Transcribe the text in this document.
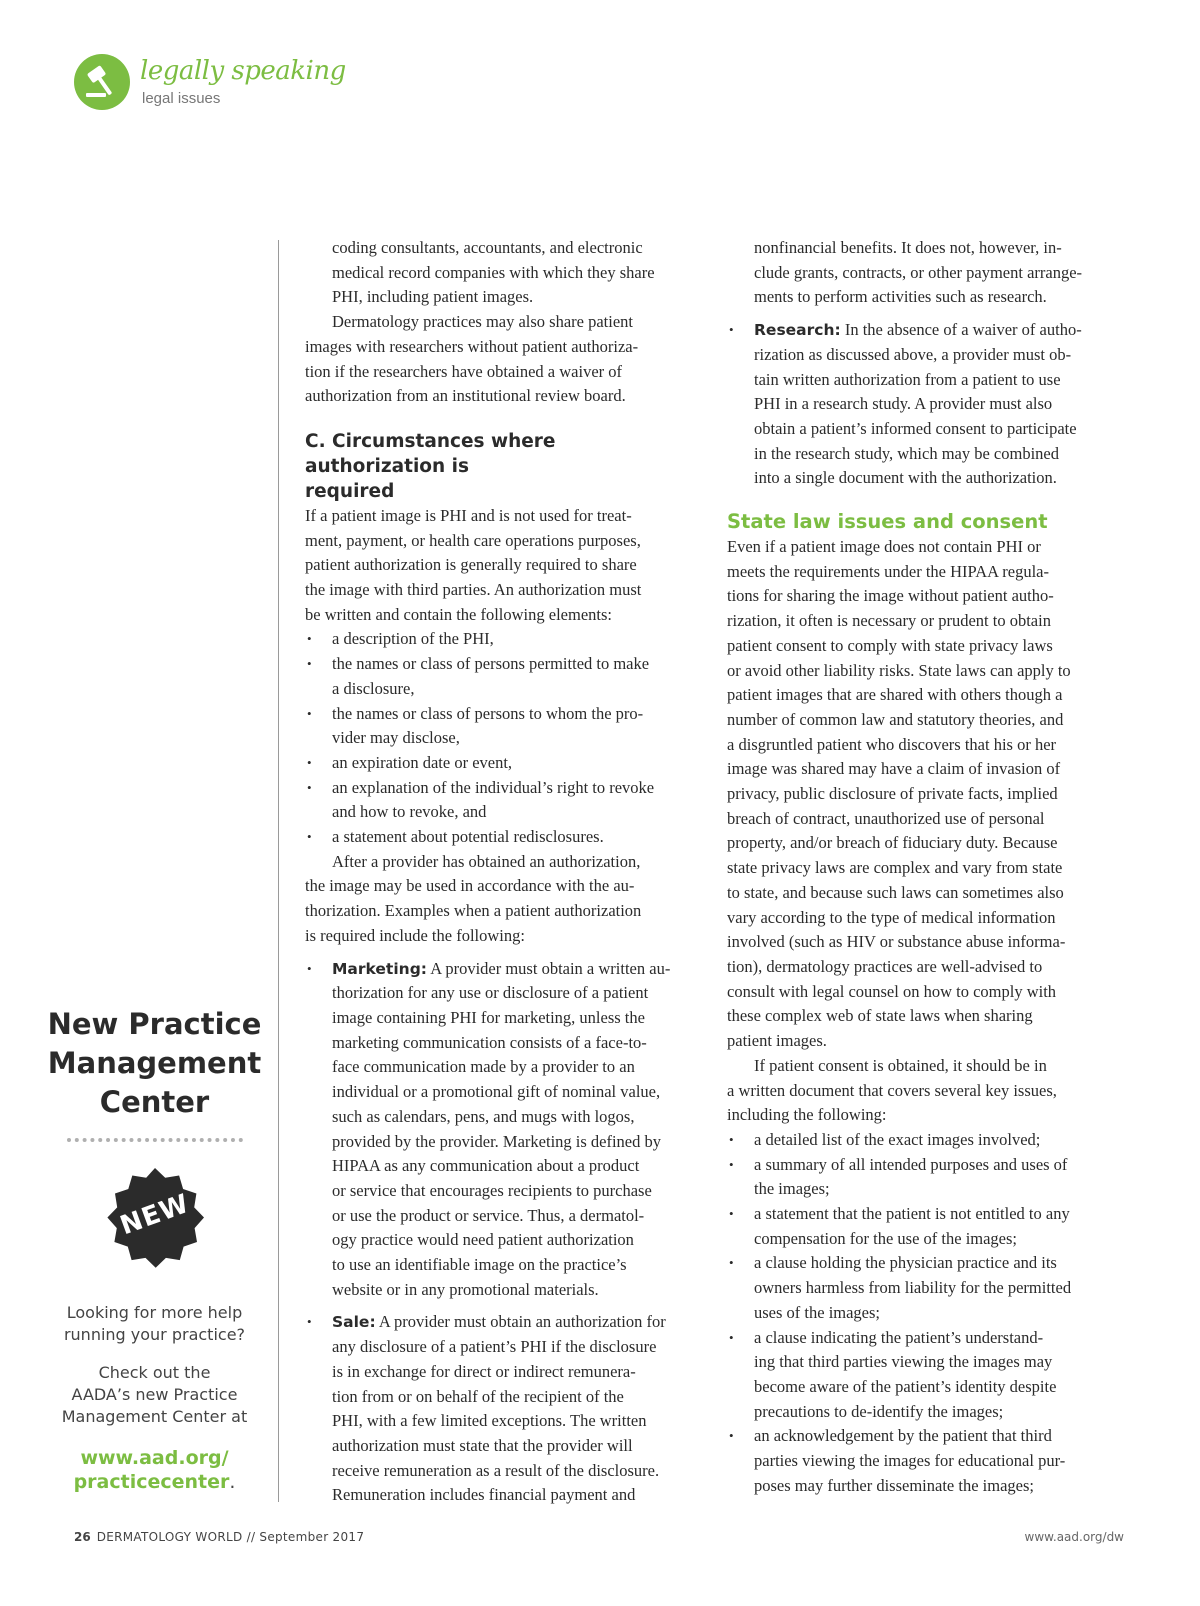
legally speaking
legal issues
New Practice
Management
Center
NEW
Looking for more help
running your practice?
Check out the
AADA’s new Practice
Management Center at
www.aad.org/
practicecenter.

coding consultants, accountants, and electronic
medical record companies with which they share
PHI, including patient images.

Dermatology practices may also share patient
images with researchers without patient authoriza-
tion if the researchers have obtained a waiver of
authorization from an institutional review board.

C. Circumstances where authorization is
required

If a patient image is PHI and is not used for treat-
ment, payment, or health care operations purposes,
patient authorization is generally required to share
the image with third parties. An authorization must
be written and contain the following elements:

• a description of the PHI,
• the names or class of persons permitted to make
a disclosure,
• the names or class of persons to whom the pro-
vider may disclose,
• an expiration date or event,
• an explanation of the individual’s right to revoke
and how to revoke, and
• a statement about potential redisclosures.

After a provider has obtained an authorization,
the image may be used in accordance with the au-
thorization. Examples when a patient authorization
is required include the following:

• Marketing: A provider must obtain a written au-
thorization for any use or disclosure of a patient
image containing PHI for marketing, unless the
marketing communication consists of a face-to-
face communication made by a provider to an
individual or a promotional gift of nominal value,
such as calendars, pens, and mugs with logos,
provided by the provider. Marketing is defined by
HIPAA as any communication about a product
or service that encourages recipients to purchase
or use the product or service. Thus, a dermatol-
ogy practice would need patient authorization
to use an identifiable image on the practice’s
website or in any promotional materials.
• Sale: A provider must obtain an authorization for
any disclosure of a patient’s PHI if the disclosure
is in exchange for direct or indirect remunera-
tion from or on behalf of the recipient of the
PHI, with a few limited exceptions. The written
authorization must state that the provider will
receive remuneration as a result of the disclosure.
Remuneration includes financial payment and

nonfinancial benefits. It does not, however, in-
clude grants, contracts, or other payment arrange-
ments to perform activities such as research.

• Research: In the absence of a waiver of autho-
rization as discussed above, a provider must ob-
tain written authorization from a patient to use
PHI in a research study. A provider must also
obtain a patient’s informed consent to participate
in the research study, which may be combined
into a single document with the authorization.
State law issues and consent

Even if a patient image does not contain PHI or
meets the requirements under the HIPAA regula-
tions for sharing the image without patient autho-
rization, it often is necessary or prudent to obtain
patient consent to comply with state privacy laws
or avoid other liability risks. State laws can apply to
patient images that are shared with others though a
number of common law and statutory theories, and
a disgruntled patient who discovers that his or her
image was shared may have a claim of invasion of
privacy, public disclosure of private facts, implied
breach of contract, unauthorized use of personal
property, and/or breach of fiduciary duty. Because
state privacy laws are complex and vary from state
to state, and because such laws can sometimes also
vary according to the type of medical information
involved (such as HIV or substance abuse informa-
tion), dermatology practices are well-advised to
consult with legal counsel on how to comply with
these complex web of state laws when sharing
patient images.

If patient consent is obtained, it should be in
a written document that covers several key issues,
including the following:

• a detailed list of the exact images involved;
• a summary of all intended purposes and uses of
the images;
• a statement that the patient is not entitled to any
compensation for the use of the images;
• a clause holding the physician practice and its
owners harmless from liability for the permitted
uses of the images;
• a clause indicating the patient’s understand-
ing that third parties viewing the images may
become aware of the patient’s identity despite
precautions to de-identify the images;
• an acknowledgement by the patient that third
parties viewing the images for educational pur-
poses may further disseminate the images;
26 DERMATOLOGY WORLD // September 2017	www.aad.org/dw
